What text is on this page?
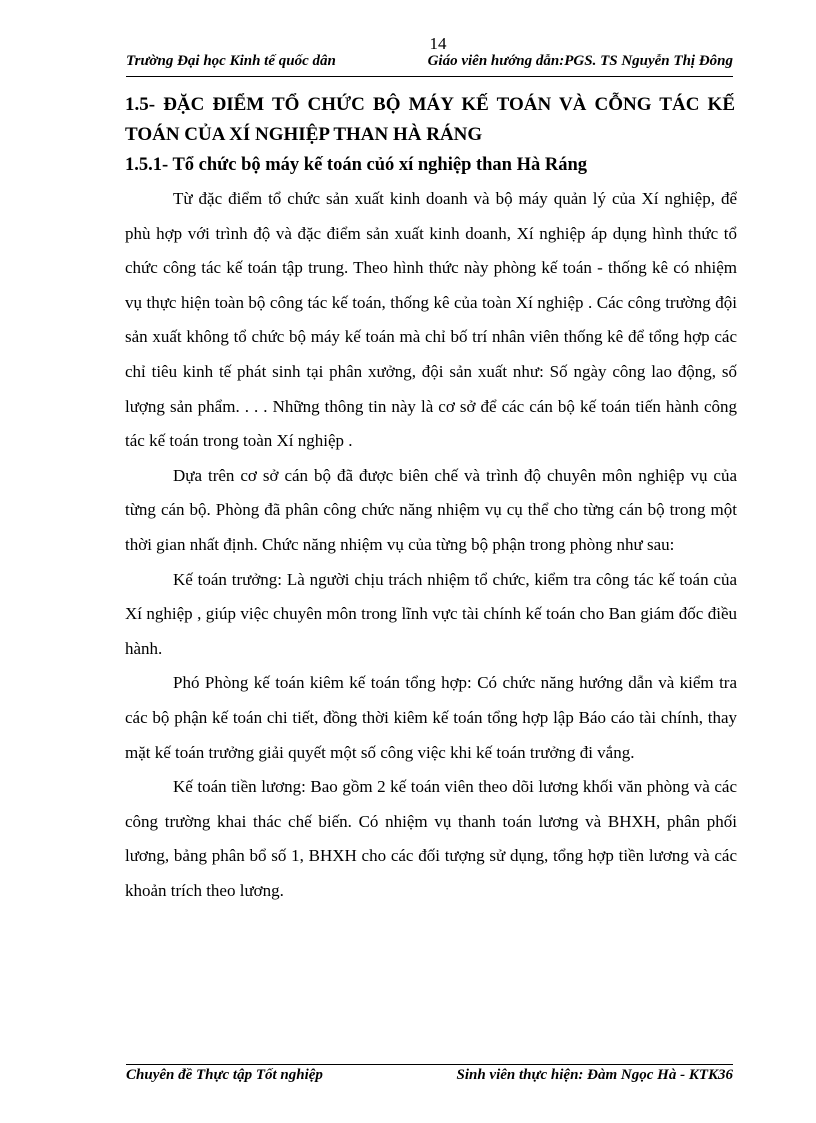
14
Trường Đại học Kinh tế quốc dân	Giáo viên hướng dẫn:PGS. TS Nguyễn Thị Đông
1.5- ĐẶC ĐIỂM TỔ CHỨC BỘ MÁY KẾ TOÁN VÀ CỖNG TÁC KẾ TOÁN CỦA XÍ NGHIỆP THAN HÀ RÁNG
1.5.1- Tổ chức bộ máy kế toán củó xí nghiệp than Hà Ráng

Từ đặc điểm tổ chức sản xuất kinh doanh và bộ máy quản lý của Xí nghiệp, để phù hợp với trình độ và đặc điểm sản xuất kinh doanh, Xí nghiệp áp dụng hình thức tổ chức công tác kế toán tập trung. Theo hình thức này phòng kế toán - thống kê có nhiệm vụ thực hiện toàn bộ công tác kế toán, thống kê của toàn Xí nghiệp . Các công trường đội sản xuất không tổ chức bộ máy kế toán mà chỉ bố trí nhân viên thống kê để tổng hợp các chỉ tiêu kinh tế phát sinh tại phân xưởng, đội sản xuất như: Số ngày công lao động, số lượng sản phẩm. . . . Những thông tin này là cơ sở để các cán bộ kế toán tiến hành công tác kế toán trong toàn Xí nghiệp .

Dựa trên cơ sở cán bộ đã được biên chế và trình độ chuyên môn nghiệp vụ của từng cán bộ. Phòng đã phân công chức năng nhiệm vụ cụ thể cho từng cán bộ trong một thời gian nhất định. Chức năng nhiệm vụ của từng bộ phận trong phòng như sau:

Kế toán trưởng: Là người chịu trách nhiệm tổ chức, kiểm tra công tác kế toán của Xí nghiệp , giúp việc chuyên môn trong lĩnh vực tài chính kế toán cho Ban giám đốc điều hành.

Phó Phòng kế toán kiêm kế toán tổng hợp: Có chức năng hướng dẫn và kiểm tra các bộ phận kế toán chi tiết, đồng thời kiêm kế toán tổng hợp lập Báo cáo tài chính, thay mặt kế toán trưởng giải quyết một số công việc khi kế toán trưởng đi vắng.

Kế toán tiền lương: Bao gồm 2 kế toán viên theo dõi lương khối văn phòng và các công trường khai thác chế biến. Có nhiệm vụ thanh toán lương và BHXH, phân phối lương, bảng phân bổ số 1, BHXH cho các đối tượng sử dụng, tổng hợp tiền lương và các khoản trích theo lương.

Chuyên đề Thực tập Tốt nghiệp	Sinh viên thực hiện: Đàm Ngọc Hà - KTK36
